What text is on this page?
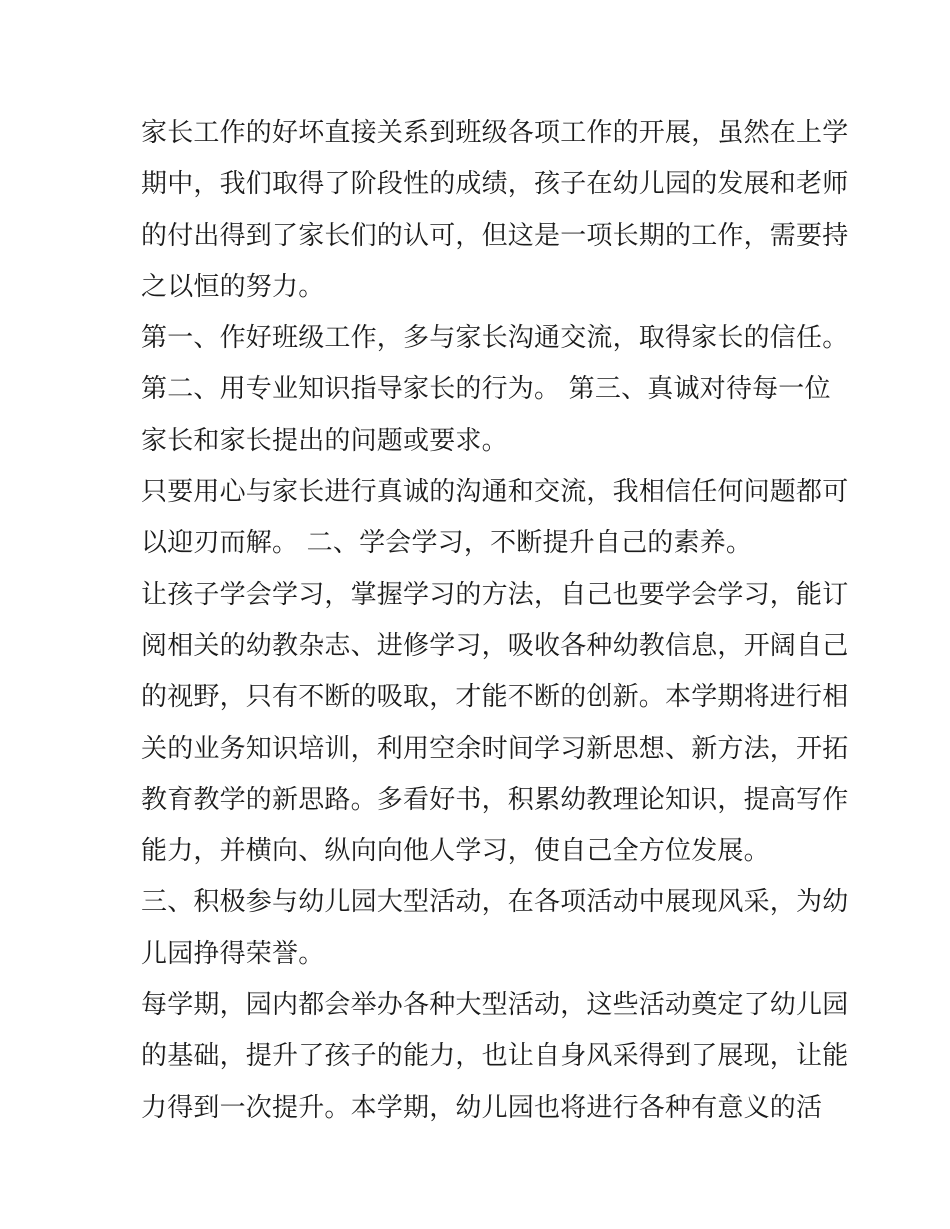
家长工作的好坏直接关系到班级各项工作的开展，虽然在上学
期中，我们取得了阶段性的成绩，孩子在幼儿园的发展和老师
的付出得到了家长们的认可，但这是一项长期的工作，需要持
之以恒的努力。
第一、作好班级工作，多与家长沟通交流，取得家长的信任。
第二、用专业知识指导家长的行为。 第三、真诚对待每一位
家长和家长提出的问题或要求。
只要用心与家长进行真诚的沟通和交流，我相信任何问题都可
以迎刃而解。 二、学会学习，不断提升自己的素养。
让孩子学会学习，掌握学习的方法，自己也要学会学习，能订
阅相关的幼教杂志、进修学习，吸收各种幼教信息，开阔自己
的视野，只有不断的吸取，才能不断的创新。本学期将进行相
关的业务知识培训，利用空余时间学习新思想、新方法，开拓
教育教学的新思路。多看好书，积累幼教理论知识，提高写作
能力，并横向、纵向向他人学习，使自己全方位发展。
三、积极参与幼儿园大型活动，在各项活动中展现风采，为幼
儿园挣得荣誉。
每学期，园内都会举办各种大型活动，这些活动奠定了幼儿园
的基础，提升了孩子的能力，也让自身风采得到了展现，让能
力得到一次提升。本学期，幼儿园也将进行各种有意义的活
